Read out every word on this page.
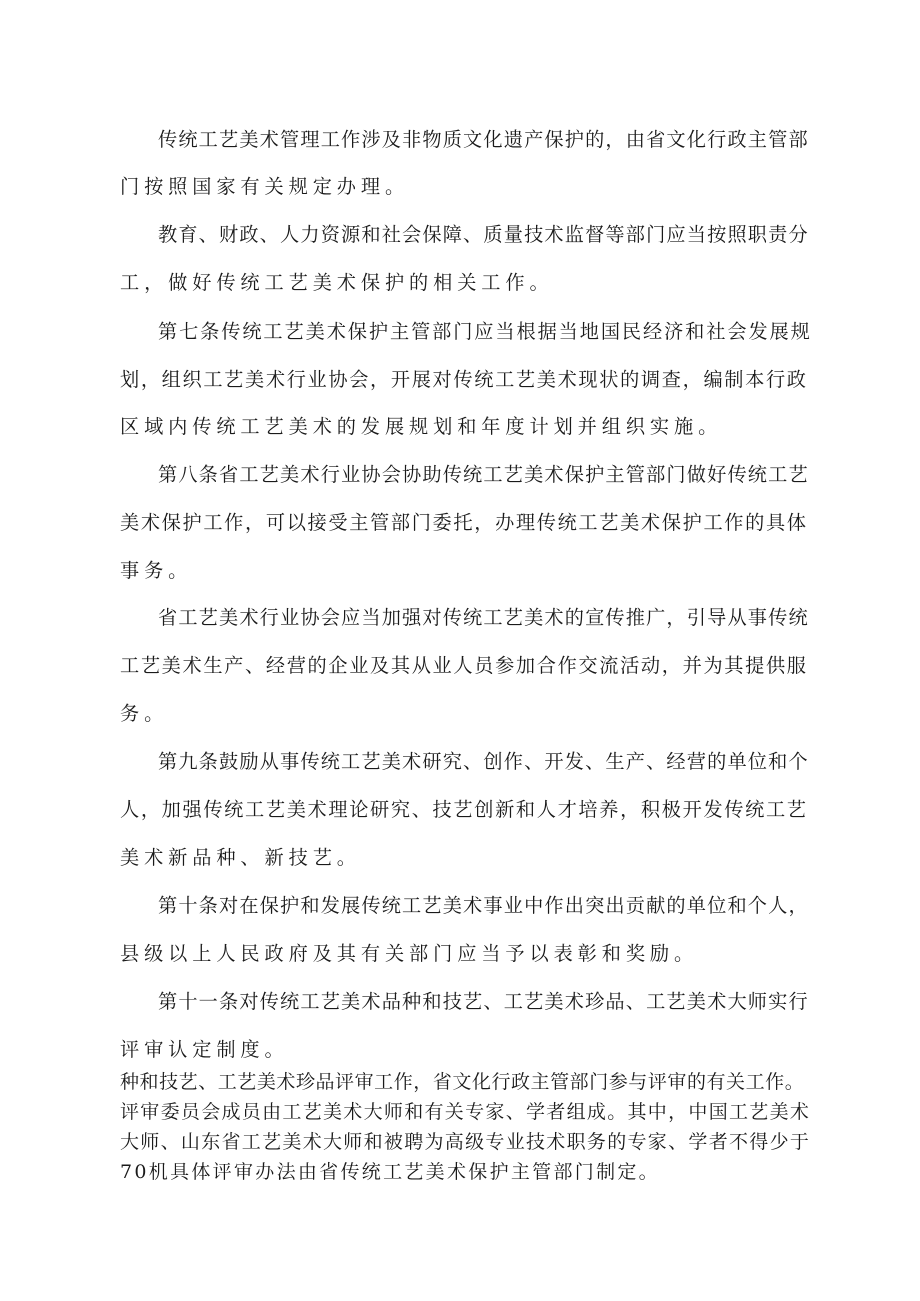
传统工艺美术管理工作涉及非物质文化遗产保护的，由省文化行政主管部
门按照国家有关规定办理。
教育、财政、人力资源和社会保障、质量技术监督等部门应当按照职责分
工，做好传统工艺美术保护的相关工作。
第七条传统工艺美术保护主管部门应当根据当地国民经济和社会发展规
划，组织工艺美术行业协会，开展对传统工艺美术现状的调查，编制本行政
区域内传统工艺美术的发展规划和年度计划并组织实施。
第八条省工艺美术行业协会协助传统工艺美术保护主管部门做好传统工艺
美术保护工作，可以接受主管部门委托，办理传统工艺美术保护工作的具体
事务。
省工艺美术行业协会应当加强对传统工艺美术的宣传推广，引导从事传统
工艺美术生产、经营的企业及其从业人员参加合作交流活动，并为其提供服
务。
第九条鼓励从事传统工艺美术研究、创作、开发、生产、经营的单位和个
人，加强传统工艺美术理论研究、技艺创新和人才培养，积极开发传统工艺
美术新品种、新技艺。
第十条对在保护和发展传统工艺美术事业中作出突出贡献的单位和个人，
县级以上人民政府及其有关部门应当予以表彰和奖励。
第十一条对传统工艺美术品种和技艺、工艺美术珍品、工艺美术大师实行
评审认定制度。
种和技艺、工艺美术珍品评审工作，省文化行政主管部门参与评审的有关工作。
评审委员会成员由工艺美术大师和有关专家、学者组成。其中，中国工艺美术
大师、山东省工艺美术大师和被聘为高级专业技术职务的专家、学者不得少于
70机具体评审办法由省传统工艺美术保护主管部门制定。
